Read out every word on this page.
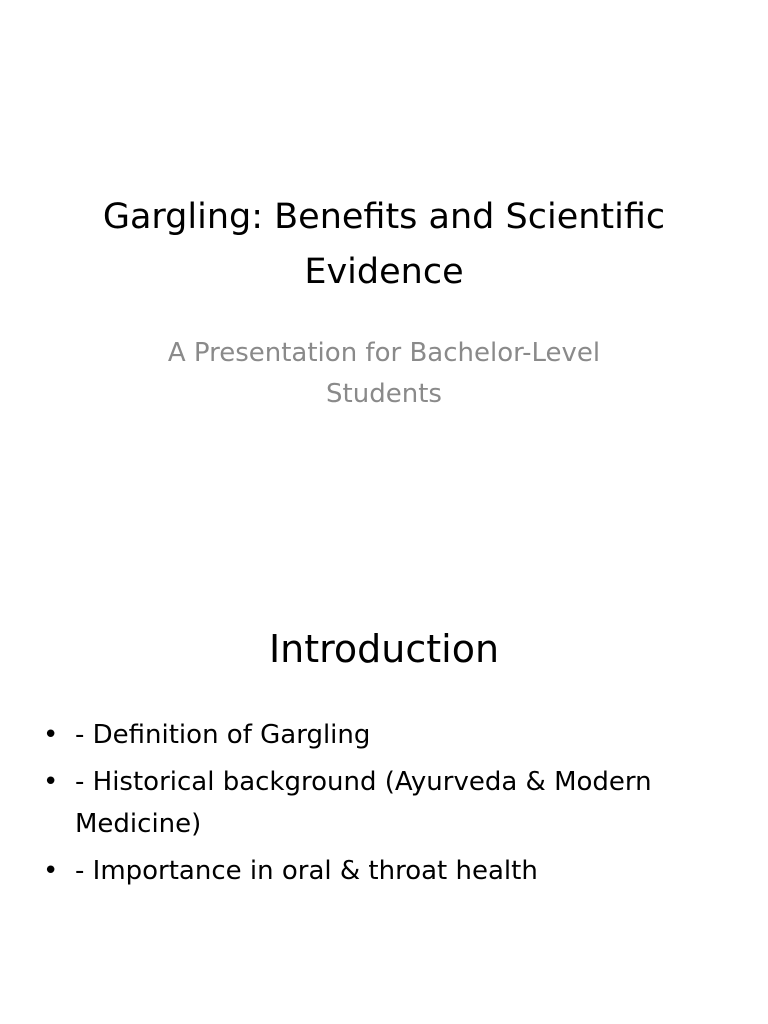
Gargling: Benefits and Scientific Evidence

A Presentation for Bachelor-Level Students

Introduction
• - Definition of Gargling
• - Historical background (Ayurveda & Modern Medicine)
• - Importance in oral & throat health
